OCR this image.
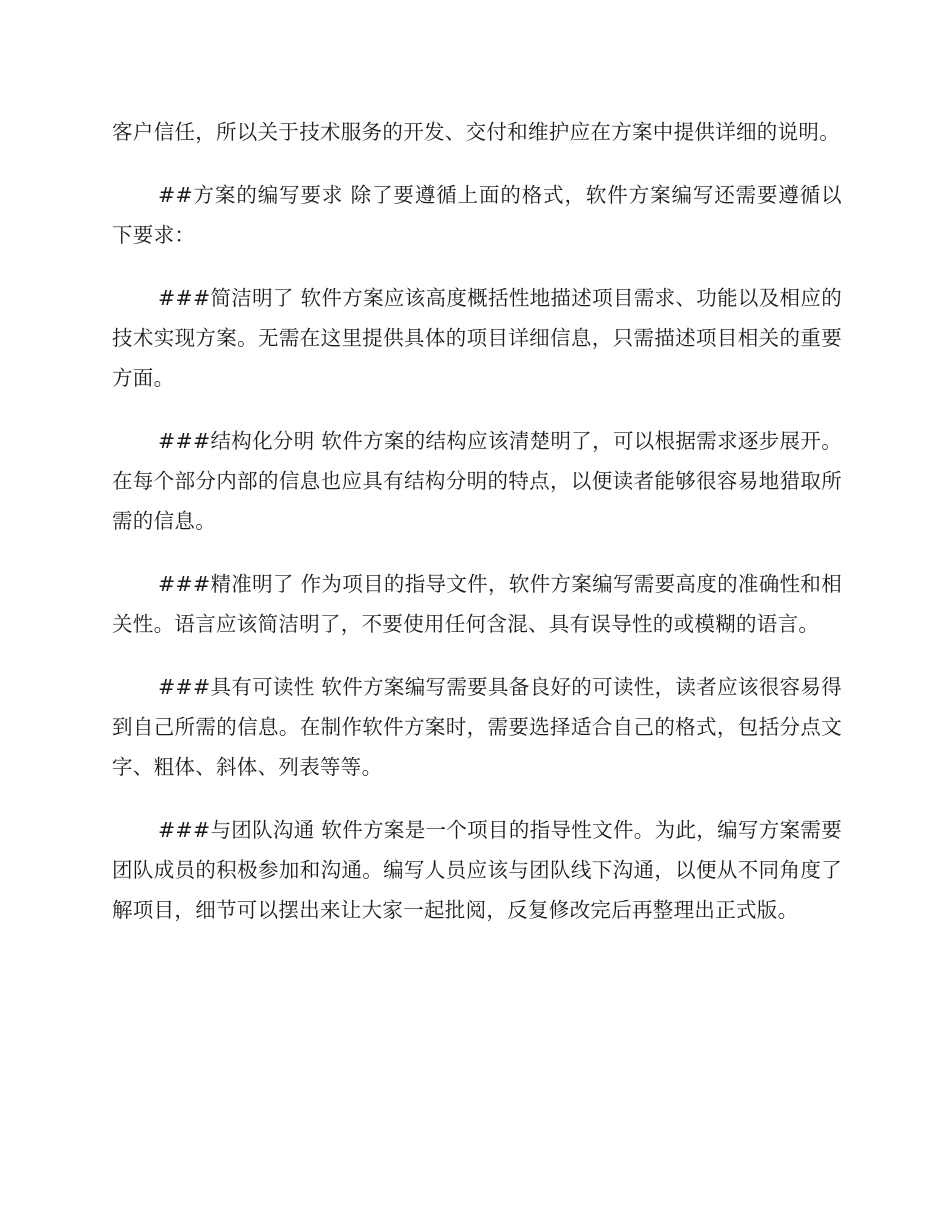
客户信任，所以关于技术服务的开发、交付和维护应在方案中提供详细的说明。

##方案的编写要求 除了要遵循上面的格式，软件方案编写还需要遵循以下要求：

###简洁明了 软件方案应该高度概括性地描述项目需求、功能以及相应的技术实现方案。无需在这里提供具体的项目详细信息，只需描述项目相关的重要方面。

###结构化分明 软件方案的结构应该清楚明了，可以根据需求逐步展开。在每个部分内部的信息也应具有结构分明的特点，以便读者能够很容易地猎取所需的信息。

###精准明了 作为项目的指导文件，软件方案编写需要高度的准确性和相关性。语言应该简洁明了，不要使用任何含混、具有误导性的或模糊的语言。

###具有可读性 软件方案编写需要具备良好的可读性，读者应该很容易得到自己所需的信息。在制作软件方案时，需要选择适合自己的格式，包括分点文字、粗体、斜体、列表等等。

###与团队沟通 软件方案是一个项目的指导性文件。为此，编写方案需要团队成员的积极参加和沟通。编写人员应该与团队线下沟通，以便从不同角度了解项目，细节可以摆出来让大家一起批阅，反复修改完后再整理出正式版。
